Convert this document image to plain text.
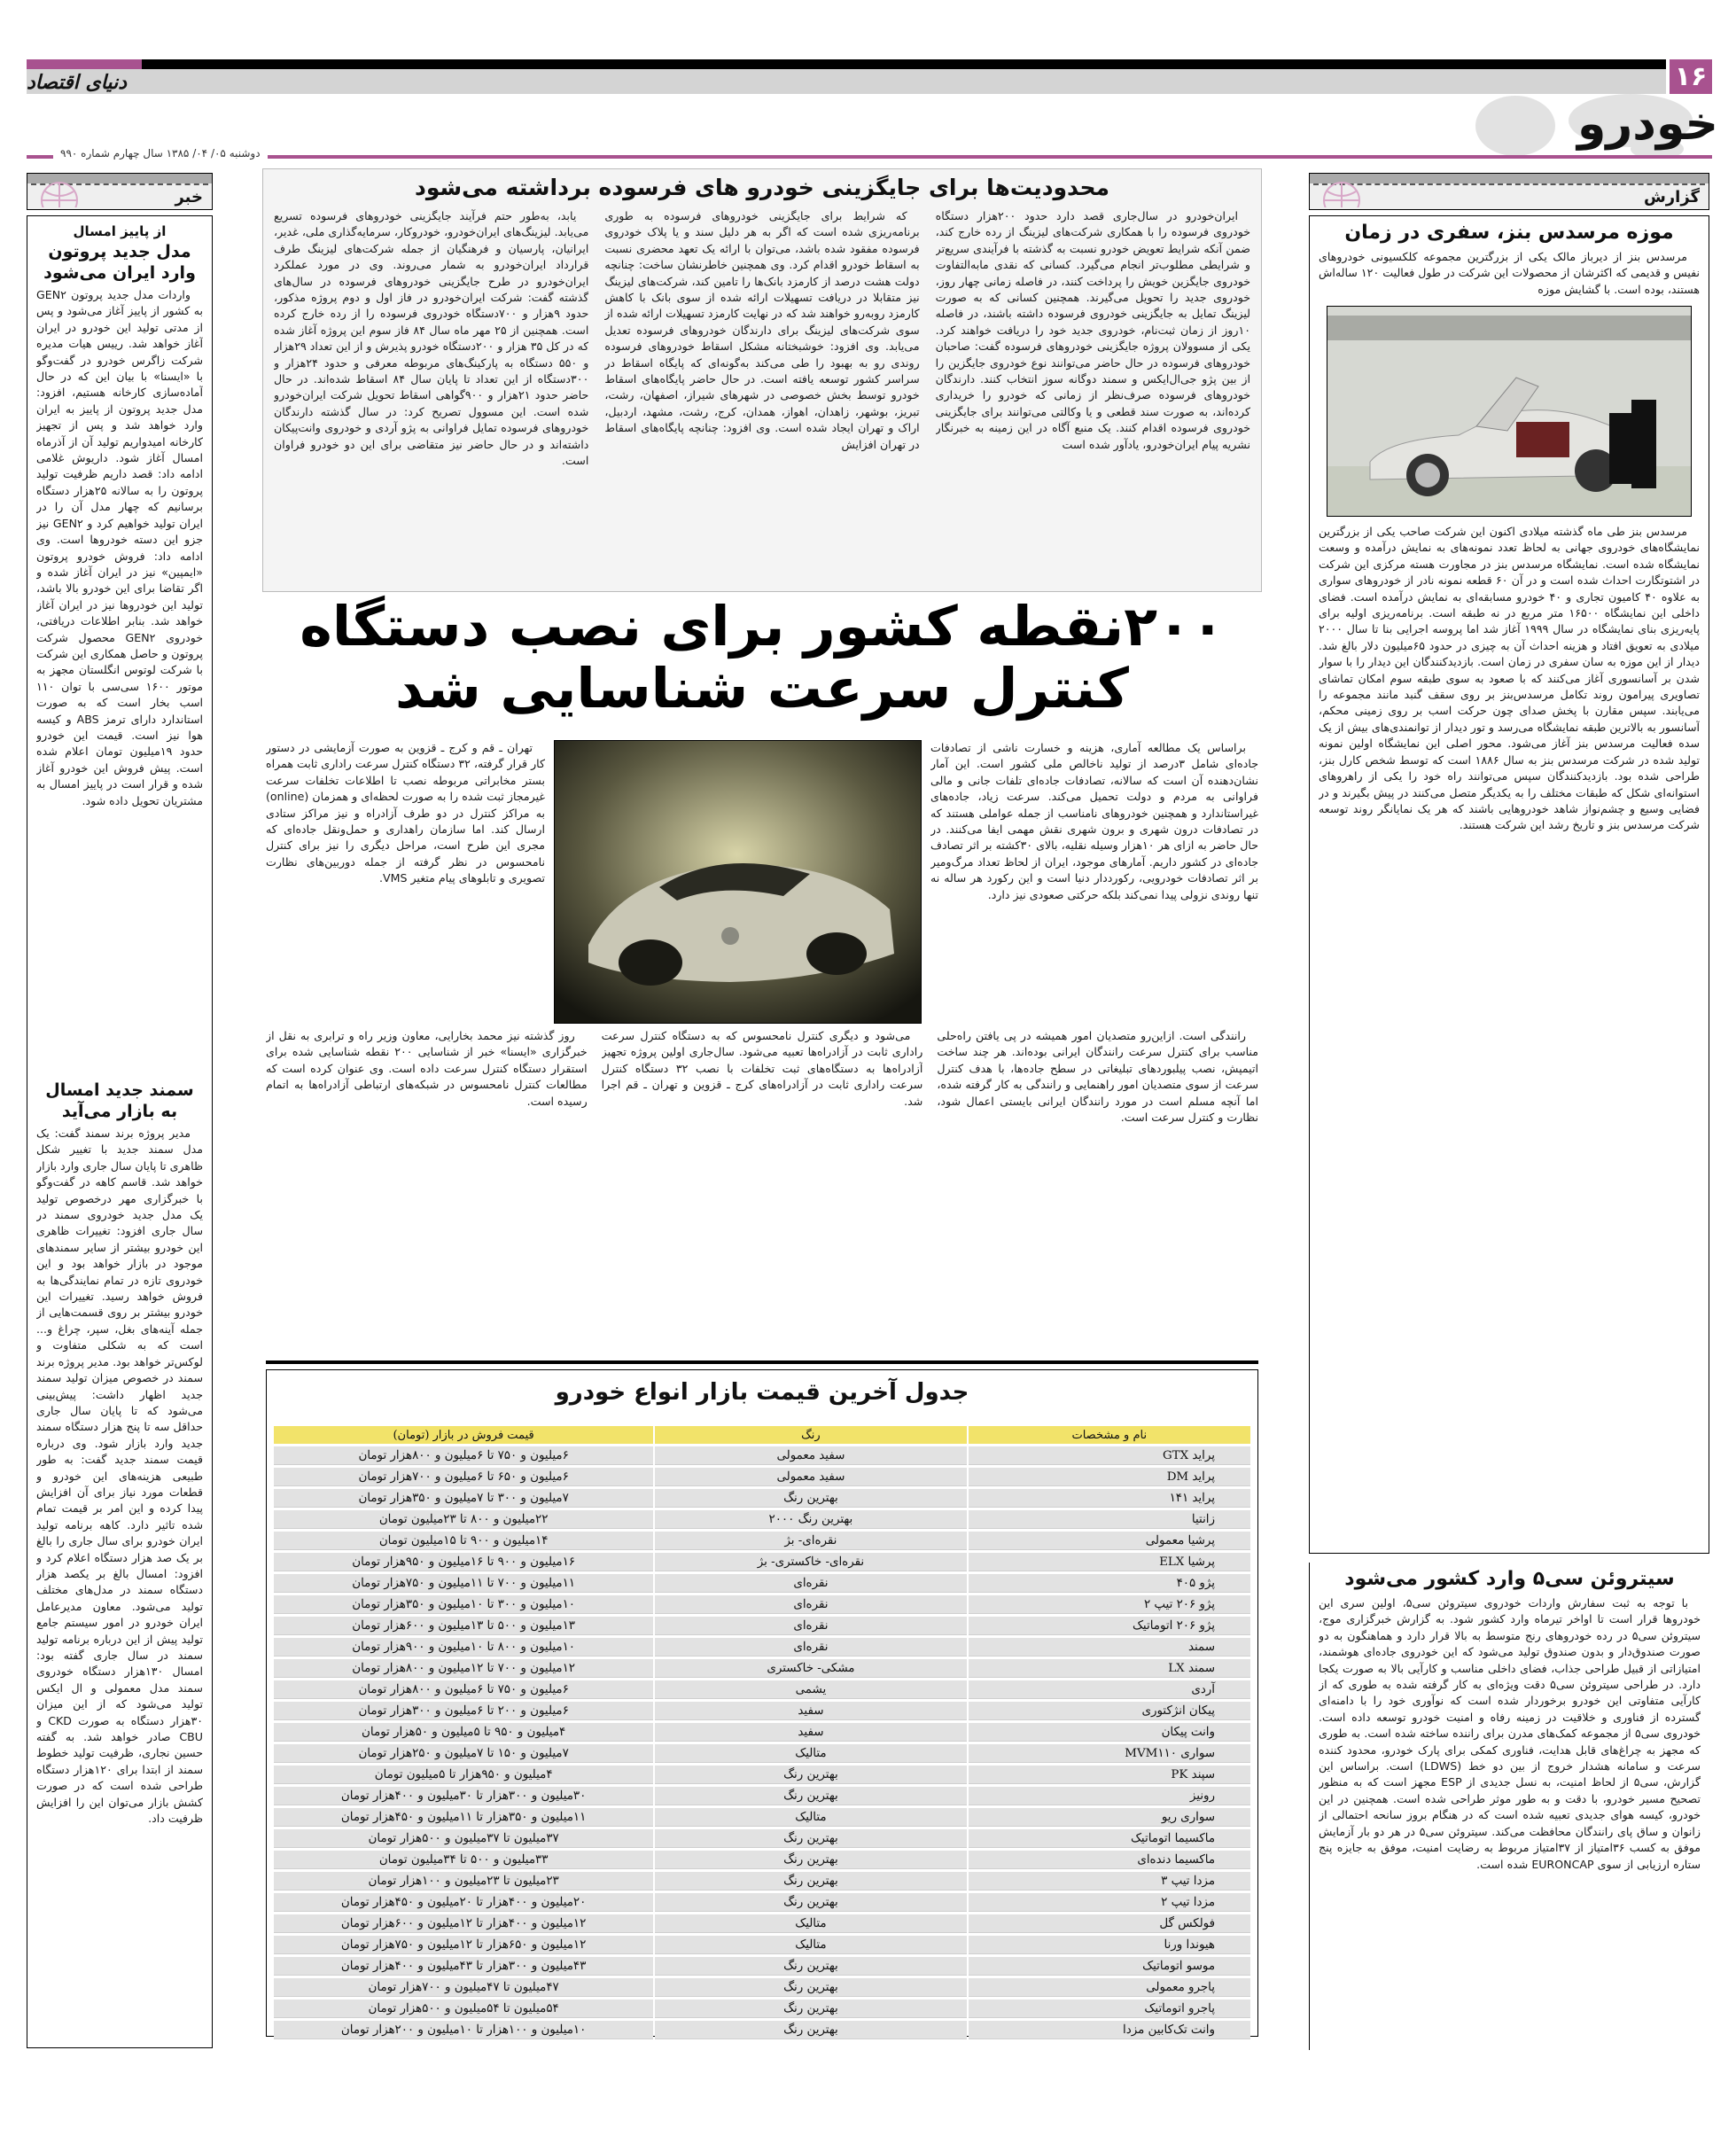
۱۶
دنیای اقتصاد
خودرو
دوشنبه ۰۵/ ۰۴/ ۱۳۸۵ سال چهارم شماره ۹۹۰
خبر
از پاییز امسال
مدل جدید پروتون وارد ایران می‌شود

واردات مدل جدید پروتون GEN۲ به کشور از پاییز آغاز می‌شود و پس از مدتی تولید این خودرو در ایران آغاز خواهد شد. رییس هیات مدیره شرکت زاگرس خودرو در گفت‌وگو با «ایسنا» با بیان این که در حال آماده‌سازی کارخانه هستیم، افزود: مدل جدید پروتون از پاییز به ایران وارد خواهد شد و پس از تجهیز کارخانه امیدواریم تولید آن از آذرماه امسال آغاز شود. داریوش غلامی ادامه داد: قصد داریم ظرفیت تولید پروتون را به سالانه ۲۵هزار دستگاه برسانیم که چهار مدل آن را در ایران تولید خواهیم کرد و GEN۲ نیز جزو این دسته خودروها است. وی ادامه داد: فروش خودرو پروتون «ایمپین» نیز در ایران آغاز شده و اگر تقاضا برای این خودرو بالا باشد، تولید این خودروها نیز در ایران آغاز خواهد شد. بنابر اطلاعات دریافتی، خودروی GEN۲ محصول شرکت پروتون و حاصل همکاری این شرکت با شرکت لوتوس انگلستان مجهز به موتور ۱۶۰۰ سی‌سی با توان ۱۱۰ اسب بخار است که به صورت استاندارد دارای ترمز ABS و کیسه هوا نیز است. قیمت این خودرو حدود ۱۹میلیون تومان اعلام شده است. پیش فروش این خودرو آغاز شده و قرار است در پاییز امسال به مشتریان تحویل داده شود.

سمند جدید امسال به بازار می‌آید

مدیر پروژه برند سمند گفت: یک مدل سمند جدید با تغییر شکل ظاهری تا پایان سال جاری وارد بازار خواهد شد. قاسم کاهه در گفت‌وگو با خبرگزاری مهر درخصوص تولید یک مدل جدید خودروی سمند در سال جاری افزود: تغییرات ظاهری این خودرو بیشتر از سایر سمندهای موجود در بازار خواهد بود و این خودروی تازه در تمام نمایندگی‌ها به فروش خواهد رسید. تغییرات این خودرو بیشتر بر روی قسمت‌هایی از جمله آینه‌های بغل، سپر، چراغ و... است که به شکلی متفاوت و لوکس‌تر خواهد بود. مدیر پروژه برند سمند در خصوص میزان تولید سمند جدید اظهار داشت: پیش‌بینی می‌شود که تا پایان سال جاری حداقل سه تا پنج هزار دستگاه سمند جدید وارد بازار شود. وی درباره قیمت سمند جدید گفت: به طور طبیعی هزینه‌های این خودرو و قطعات مورد نیاز برای آن افزایش پیدا کرده و این امر بر قیمت تمام شده تاثیر دارد. کاهه برنامه تولید ایران خودرو برای سال جاری را بالغ بر یک صد هزار دستگاه اعلام کرد و افزود: امسال بالغ بر یکصد هزار دستگاه سمند در مدل‌های مختلف تولید می‌شود. معاون مدیرعامل ایران خودرو در امور سیستم جامع تولید پیش از این درباره برنامه تولید سمند در سال جاری گفته بود: امسال ۱۳۰هزار دستگاه خودروی سمند مدل معمولی و ال ایکس تولید می‌شود که از این میزان ۳۰هزار دستگاه به صورت CKD و CBU صادر خواهد شد. به گفته حسین نجاری، ظرفیت تولید خطوط سمند از ابتدا برای ۱۲۰هزار دستگاه طراحی شده است که در صورت کشش بازار می‌توان این را افزایش ظرفیت داد.

محدودیت‌ها برای جایگزینی خودرو های فرسوده برداشته می‌شود

ایران‌خودرو در سال‌جاری قصد دارد حدود ۲۰۰هزار دستگاه خودروی فرسوده را با همکاری شرکت‌های لیزینگ از رده خارج کند، ضمن آنکه شرایط تعویض خودرو نسبت به گذشته با فرآیندی سریع‌تر و شرایطی مطلوب‌تر انجام می‌گیرد. کسانی که نقدی مابه‌التفاوت خودروی جایگزین خویش را پرداخت کنند، در فاصله زمانی چهار روز، خودروی جدید را تحویل می‌گیرند. همچنین کسانی که به صورت لیزینگ تمایل به جایگزینی خودروی فرسوده داشته باشند، در فاصله ۱۰روز از زمان ثبت‌نام، خودروی جدید خود را دریافت خواهند کرد. یکی از مسوولان پروژه جایگزینی خودروهای فرسوده گفت: صاحبان خودروهای فرسوده در حال حاضر می‌توانند نوع خودروی جایگزین را از بین پژو جی‌ال‌ایکس و سمند دوگانه سوز انتخاب کنند. دارندگان خودروهای فرسوده صرف‌نظر از زمانی که خودرو را خریداری کرده‌اند، به صورت سند قطعی و یا وکالتی می‌توانند برای جایگزینی خودروی فرسوده اقدام کنند. یک منبع آگاه در این زمینه به خبرنگار نشریه پیام ایران‌خودرو، یادآور شده است

که شرایط برای جایگزینی خودروهای فرسوده به طوری برنامه‌ریزی شده است که اگر به هر دلیل سند و یا پلاک خودروی فرسوده مفقود شده باشد، می‌توان با ارائه یک تعهد محضری نسبت به اسقاط خودرو اقدام کرد. وی همچنین خاطرنشان ساخت: چنانچه دولت هشت درصد از کارمزد بانک‌ها را تامین کند، شرکت‌های لیزینگ نیز متقابلا در دریافت تسهیلات ارائه شده از سوی بانک با کاهش کارمزد روبه‌رو خواهند شد که در نهایت کارمزد تسهیلات ارائه شده از سوی شرکت‌های لیزینگ برای دارندگان خودروهای فرسوده تعدیل می‌یابد. وی افزود: خوشبختانه مشکل اسقاط خودروهای فرسوده روندی رو به بهبود را طی می‌کند به‌گونه‌ای که پایگاه اسقاط در سراسر کشور توسعه یافته است. در حال حاضر پایگاه‌های اسقاط خودرو توسط بخش خصوصی در شهرهای شیراز، اصفهان، رشت، تبریز، بوشهر، زاهدان، اهواز، همدان، کرج، رشت، مشهد، اردبیل، اراک و تهران ایجاد شده است. وی افزود: چنانچه پایگاه‌های اسقاط در تهران افزایش

یابد، به‌طور حتم فرآیند جایگزینی خودروهای فرسوده تسریع می‌یابد. لیزینگ‌های ایران‌خودرو، خودروکار، سرمایه‌گذاری ملی، غدیر، ایرانیان، پارسیان و فرهنگیان از جمله شرکت‌های لیزینگ طرف قرارداد ایران‌خودرو به شمار می‌روند. وی در مورد عملکرد ایران‌خودرو در طرح جایگزینی خودروهای فرسوده در سال‌های گذشته گفت: شرکت ایران‌خودرو در فاز اول و دوم پروژه مذکور، حدود ۹هزار و ۷۰۰دستگاه خودروی فرسوده را از رده خارج کرده است. همچنین از ۲۵ مهر ماه سال ۸۴ فاز سوم این پروژه آغاز شده که در کل ۳۵ هزار و ۲۰۰دستگاه خودرو پذیرش و از این تعداد ۲۹هزار و ۵۵۰ دستگاه به پارکینگ‌های مربوطه معرفی و حدود ۲۴هزار و ۳۰۰دستگاه از این تعداد تا پایان سال ۸۴ اسقاط شده‌اند. در حال حاضر حدود ۲۱هزار و ۹۰۰گواهی اسقاط تحویل شرکت ایران‌خودرو شده است. این مسوول تصریح کرد: در سال گذشته دارندگان خودروهای فرسوده تمایل فراوانی به پژو آردی و خودروی وانت‌پیکان داشته‌اند و در حال حاضر نیز متقاضی برای این دو خودرو فراوان است.

۲۰۰نقطه کشور برای نصب دستگاه کنترل سرعت شناسایی شد

براساس یک مطالعه آماری، هزینه و خسارت ناشی از تصادفات جاده‌ای شامل ۳درصد از تولید ناخالص ملی کشور است. این آمار نشان‌دهنده آن است که سالانه، تصادفات جاده‌ای تلفات جانی و مالی فراوانی به مردم و دولت تحمیل می‌کند. سرعت زیاد، جاده‌های غیراستاندارد و همچنین خودروهای نامناسب از جمله عواملی هستند که در تصادفات درون شهری و برون شهری نقش مهمی ایفا می‌کنند. در حال حاضر به ازای هر ۱۰هزار وسیله نقلیه، بالای ۳۰کشته بر اثر تصادف جاده‌ای در کشور داریم. آمارهای موجود، ایران از لحاظ تعداد مرگ‌ومیر بر اثر تصادفات خودرویی، رکورددار دنیا است و این رکورد هر ساله نه تنها روندی نزولی پیدا نمی‌کند بلکه حرکتی صعودی نیز دارد.

تهران ـ قم و کرج ـ قزوین به صورت آزمایشی در دستور کار قرار گرفته، ۳۲ دستگاه کنترل سرعت راداری ثابت همراه بستر مخابراتی مربوطه نصب تا اطلاعات تخلفات سرعت غیرمجاز ثبت شده را به صورت لحظه‌ای و همزمان (online) به مراکز کنترل در دو طرف آزادراه و نیز مراکز ستادی ارسال کند. اما سازمان راهداری و حمل‌ونقل جاده‌ای که مجری این طرح است، مراحل دیگری را نیز برای کنترل نامحسوس در نظر گرفته از جمله دوربین‌های نظارت تصویری و تابلوهای پیام متغیر VMS.

رانندگی است. ازاین‌رو متصدیان امور همیشه در پی یافتن راه‌حلی مناسب برای کنترل سرعت رانندگان ایرانی بوده‌اند. هر چند ساخت اتیمپش، نصب پیلبوردهای تبلیغاتی در سطح جاده‌ها، با هدف کنترل سرعت از سوی متصدیان امور راهنمایی و رانندگی به کار گرفته شده، اما آنچه مسلم است در مورد رانندگان ایرانی بایستی اعمال شود، نظارت و کنترل سرعت است.

می‌شود و دیگری کنترل نامحسوس که به دستگاه کنترل سرعت راداری ثابت در آزادراه‌ها تعبیه می‌شود. سال‌جاری اولین پروژه تجهیز آزادراه‌ها به دستگاه‌های ثبت تخلفات با نصب ۳۲ دستگاه کنترل سرعت راداری ثابت در آزادراه‌های کرج ـ قزوین و تهران ـ قم اجرا شد.

روز گذشته نیز محمد بخارایی، معاون وزیر راه و ترابری به نقل از خبرگزاری «ایسنا» خبر از شناسایی ۲۰۰ نقطه شناسایی شده برای استقرار دستگاه کنترل سرعت داده است. وی عنوان کرده است که مطالعات کنترل نامحسوس در شبکه‌های ارتباطی آزادراه‌ها به اتمام رسیده است.

جدول آخرین قیمت بازار انواع خودرو
نام و مشخصات	رنگ	قیمت فروش در بازار (تومان)
پراید GTX	سفید معمولی	۶میلیون و ۷۵۰ تا ۶میلیون و ۸۰۰هزار تومان
پراید DM	سفید معمولی	۶میلیون و ۶۵۰ تا ۶میلیون و ۷۰۰هزار تومان
پراید ۱۴۱	بهترین رنگ	۷میلیون و ۳۰۰ تا ۷میلیون و ۳۵۰هزار تومان
زانتیا	بهترین رنگ ۲۰۰۰	۲۲میلیون و ۸۰۰ تا ۲۳میلیون تومان
پرشیا معمولی	نقره‌ای- بژ	۱۴میلیون و ۹۰۰ تا ۱۵میلیون تومان
پرشیا ELX	نقره‌ای- خاکستری- بژ	۱۶میلیون و ۹۰۰ تا ۱۶میلیون و ۹۵۰هزار تومان
پژو ۴۰۵	نقره‌ای	۱۱میلیون و ۷۰۰ تا ۱۱میلیون و ۷۵۰هزار تومان
پژو ۲۰۶ تیپ ۲	نقره‌ای	۱۰میلیون و ۳۰۰ تا ۱۰میلیون و ۳۵۰هزار تومان
پژو ۲۰۶ اتوماتیک	نقره‌ای	۱۳میلیون و ۵۰۰ تا ۱۳میلیون و ۶۰۰هزار تومان
سمند	نقره‌ای	۱۰میلیون و ۸۰۰ تا ۱۰میلیون و ۹۰۰هزار تومان
سمند LX	مشکی- خاکستری	۱۲میلیون و ۷۰۰ تا ۱۲میلیون و ۸۰۰هزار تومان
آردی	یشمی	۶میلیون و ۷۵۰ تا ۶میلیون و ۸۰۰هزار تومان
پیکان انژکتوری	سفید	۶میلیون و ۲۰۰ تا ۶میلیون و ۳۰۰هزار تومان
وانت پیکان	سفید	۴میلیون و ۹۵۰ تا ۵میلیون و ۵۰هزار تومان
سواری MVM۱۱۰	متالیک	۷میلیون و ۱۵۰ تا ۷میلیون و ۲۵۰هزار تومان
سپند PK	بهترین رنگ	۴میلیون و ۹۵۰هزار تا ۵میلیون تومان
رونیز	بهترین رنگ	۳۰میلیون و ۳۰۰هزار تا ۳۰میلیون و ۴۰۰هزار تومان
سواری ریو	متالیک	۱۱میلیون و ۳۵۰هزار تا ۱۱میلیون و ۴۵۰هزار تومان
ماکسیما اتوماتیک	بهترین رنگ	۳۷میلیون تا ۳۷میلیون و ۵۰۰هزار تومان
ماکسیما دنده‌ای	بهترین رنگ	۳۳میلیون و ۵۰۰ تا ۳۴میلیون تومان
مزدا تیپ ۳	بهترین رنگ	۲۳میلیون تا ۲۳میلیون و ۱۰۰هزار تومان
مزدا تیپ ۲	بهترین رنگ	۲۰میلیون و ۴۰۰هزار تا ۲۰میلیون و ۴۵۰هزار تومان
فولکس گل	متالیک	۱۲میلیون و ۴۰۰هزار تا ۱۲میلیون و ۶۰۰هزار تومان
هیوندا ورنا	متالیک	۱۲میلیون و ۶۵۰هزار تا ۱۲میلیون و ۷۵۰هزار تومان
موسو اتوماتیک	بهترین رنگ	۴۳میلیون و ۳۰۰هزار تا ۴۳میلیون و ۴۰۰هزار تومان
پاجرو معمولی	بهترین رنگ	۴۷میلیون تا ۴۷میلیون و ۷۰۰هزار تومان
پاجرو اتوماتیک	بهترین رنگ	۵۴میلیون تا ۵۴میلیون و ۵۰۰هزار تومان
وانت تک‌کابین مزدا	بهترین رنگ	۱۰میلیون و ۱۰۰هزار تا ۱۰میلیون و ۲۰۰هزار تومان
گزارش
موزه مرسدس بنز، سفری در زمان

مرسدس بنز از دیرباز مالک یکی از بزرگترین مجموعه کلکسیونی خودروهای نفیس و قدیمی که اکثرشان از محصولات این شرکت در طول فعالیت ۱۲۰ ساله‌اش هستند، بوده است. با گشایش موزه

مرسدس بنز طی ماه گذشته میلادی اکنون این شرکت صاحب یکی از بزرگترین نمایشگاه‌های خودروی جهانی به لحاظ تعدد نمونه‌های به نمایش درآمده و وسعت نمایشگاه شده است. نمایشگاه مرسدس بنز در مجاورت هسته مرکزی این شرکت در اشتوتگارت احداث شده است و در آن ۶۰ قطعه نمونه نادر از خودروهای سواری به علاوه ۴۰ کامیون تجاری و ۴۰ خودرو مسابقه‌ای به نمایش درآمده است. فضای داخلی این نمایشگاه ۱۶۵۰۰ متر مربع در نه طبقه است. برنامه‌ریزی اولیه برای پایه‌ریزی بنای نمایشگاه در سال ۱۹۹۹ آغاز شد اما پروسه اجرایی بنا تا سال ۲۰۰۰ میلادی به تعویق افتاد و هزینه احداث آن به چیزی در حدود ۶۵میلیون دلار بالغ شد. دیدار از این موزه به سان سفری در زمان است. بازدیدکنندگان این دیدار را با سوار شدن بر آسانسوری آغاز می‌کنند که با صعود به سوی طبقه سوم امکان تماشای تصاویری پیرامون روند تکامل مرسدس‌بنز بر روی سقف گنبد مانند مجموعه را می‌یابند. سپس مقارن با پخش صدای چون حرکت اسب بر روی زمینی محکم، آسانسور به بالاترین طبقه نمایشگاه می‌رسد و تور دیدار از توانمندی‌های بیش از یک سده فعالیت مرسدس بنز آغاز می‌شود. محور اصلی این نمایشگاه اولین نمونه تولید شده در شرکت مرسدس بنز به سال ۱۸۸۶ است که توسط شخص کارل بنز، طراحی شده بود. بازدیدکنندگان سپس می‌توانند راه خود را یکی از راهروهای استوانه‌ای شکل که طبقات مختلف را به یکدیگر متصل می‌کنند در پیش بگیرند و در فضایی وسیع و چشم‌نواز شاهد خودروهایی باشند که هر یک نمایانگر روند توسعه شرکت مرسدس بنز و تاریخ رشد این شرکت هستند.

سیتروئن سی۵ وارد کشور می‌شود

با توجه به ثبت سفارش واردات خودروی سیتروئن سی۵، اولین سری این خودروها قرار است تا اواخر تیرماه وارد کشور شود. به گزارش خبرگزاری موج، سیتروئن سی۵ در رده خودروهای رنج متوسط به بالا قرار دارد و هماهنگون به دو صورت صندوق‌دار و بدون صندوق تولید می‌شود که این خودروی جاده‌ای هوشمند، امتیازاتی از قبیل طراحی جذاب، فضای داخلی مناسب و کارآیی بالا به صورت یکجا دارد. در طراحی سیتروئن سی۵ دقت ویژه‌ای به کار گرفته شده به طوری که از کارآیی متفاوتی این خودرو برخوردار شده است که نوآوری خود را با دامنه‌ای گسترده از فناوری و خلاقیت در زمینه رفاه و امنیت خودرو توسعه داده است. خودروی سی۵ از مجموعه کمک‌های مدرن برای راننده ساخته شده است. به طوری که مجهز به چراغ‌های قابل هدایت، فناوری کمکی برای پارک خودرو، محدود کننده سرعت و سامانه هشدار خروج از بین دو خط (LDWS) است. براساس این گزارش، سی۵ از لحاظ امنیت، به نسل جدیدی از ESP مجهز است که به منظور تصحیح مسیر خودرو، با دقت و به طور موثر طراحی شده است. همچنین در این خودرو، کیسه هوای جدیدی تعبیه شده است که در هنگام بروز سانحه احتمالی از زانوان و ساق پای رانندگان محافظت می‌کند. سیتروئن سی۵ در هر دو بار آزمایش موفق به کسب ۳۶امتیاز از ۳۷امتیاز مربوط به رضایت امنیت، موفق به جایزه پنج ستاره ارزیابی از سوی EURONCAP شده است.
